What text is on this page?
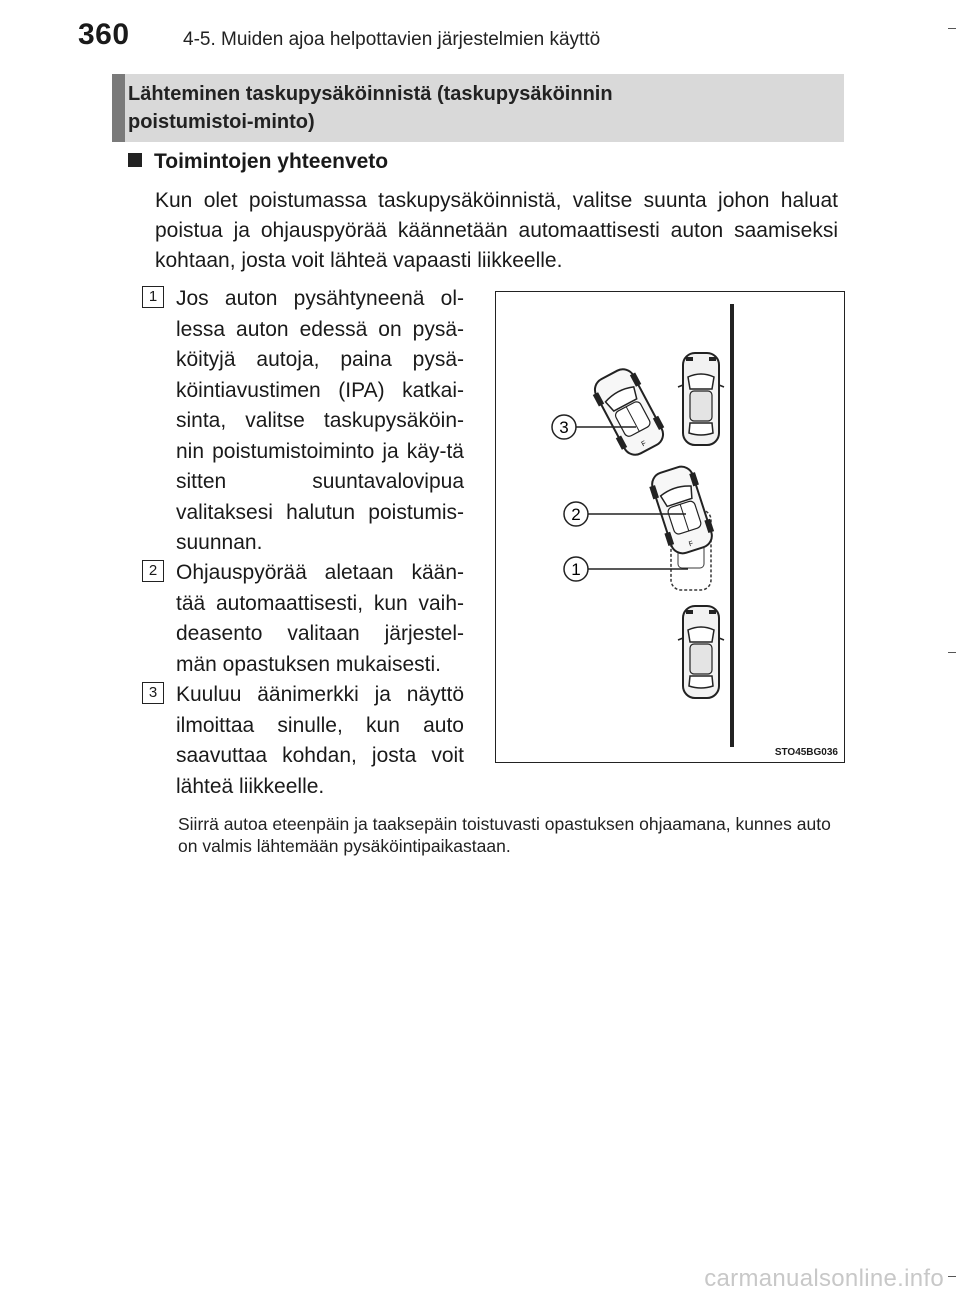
360	4-5. Muiden ajoa helpottavien järjestelmien käyttö
Lähteminen taskupysäköinnistä (taskupysäköinnin poistumistoi-minto)
Toimintojen yhteenveto
Kun olet poistumassa taskupysäköinnistä, valitse suunta johon haluat poistua ja ohjauspyörää käännetään automaattisesti auton saamiseksi kohtaan, josta voit lähteä vapaasti liikkeelle.
1 Jos auton pysähtyneenä ol-lessa auton edessä on pysä-köityjä autoja, paina pysä-köintiavustimen (IPA) katkai-sinta, valitse taskupysäköin-nin poistumistoiminto ja käy-tä sitten suuntavalovipua valitaksesi halutun poistumis-suunnan.
2 Ohjauspyörää aletaan kään-tää automaattisesti, kun vaih-deasento valitaan järjestel-män opastuksen mukaisesti.
3 Kuuluu äänimerkki ja näyttö ilmoittaa sinulle, kun auto saavuttaa kohdan, josta voit lähteä liikkeelle.
F
3
2
1
STO45BG036
Siirrä autoa eteenpäin ja taaksepäin toistuvasti opastuksen ohjaamana, kunnes auto on valmis lähtemään pysäköintipaikastaan.
carmanualsonline.info
